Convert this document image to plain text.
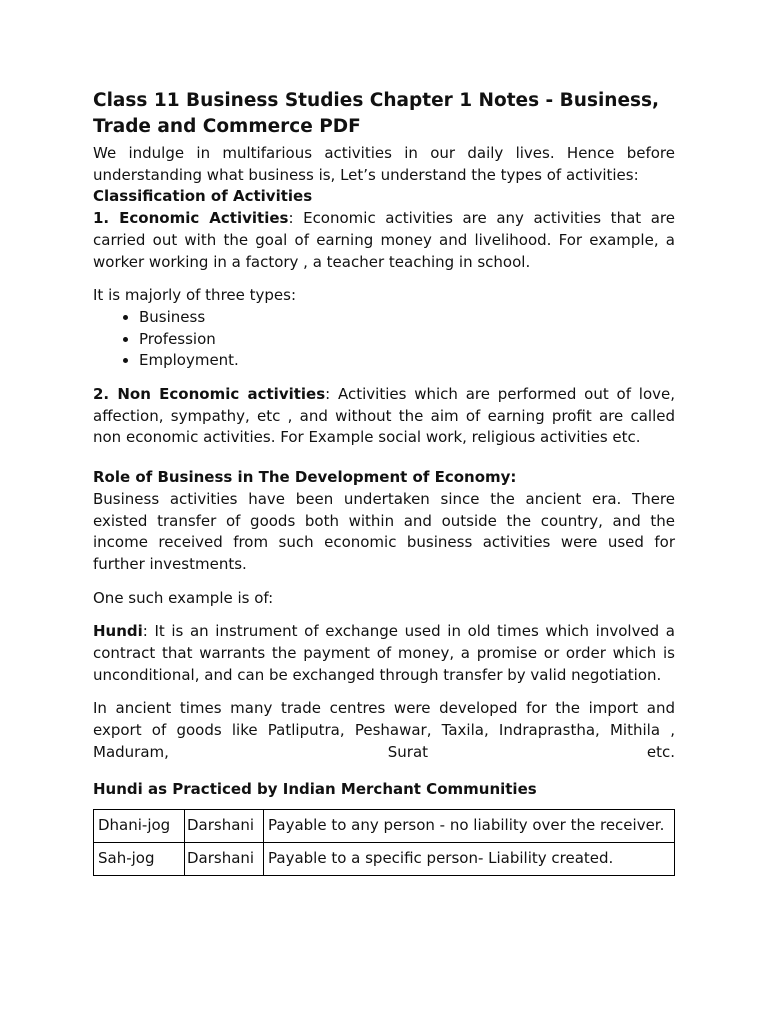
Class 11 Business Studies Chapter 1 Notes - Business, Trade and Commerce PDF

We indulge in multifarious activities in our daily lives. Hence before understanding what business is, Let’s understand the types of activities:

Classification of Activities

1. Economic Activities: Economic activities are any activities that are carried out with the goal of earning money and livelihood. For example, a worker working in a factory , a teacher teaching in school.

It is majorly of three types:

• Business
• Profession
• Employment.

2. Non Economic activities: Activities which are performed out of love, affection, sympathy, etc , and without the aim of earning profit are called non economic activities. For Example social work, religious activities etc.

Role of Business in The Development of Economy:

Business activities have been undertaken since the ancient era. There existed transfer of goods both within and outside the country, and the income received from such economic business activities were used for further investments.

One such example is of:

Hundi: It is an instrument of exchange used in old times which involved a contract that warrants the payment of money, a promise or order which is unconditional, and can be exchanged through transfer by valid negotiation.

In ancient times many trade centres were developed for the import and export of goods like Patliputra, Peshawar, Taxila, Indraprastha, Mithila , Maduram, Surat etc.

Hundi as Practiced by Indian Merchant Communities

Dhani-jog	Darshani	Payable to any person - no liability over the receiver.
Sah-jog	Darshani	Payable to a specific person- Liability created.
